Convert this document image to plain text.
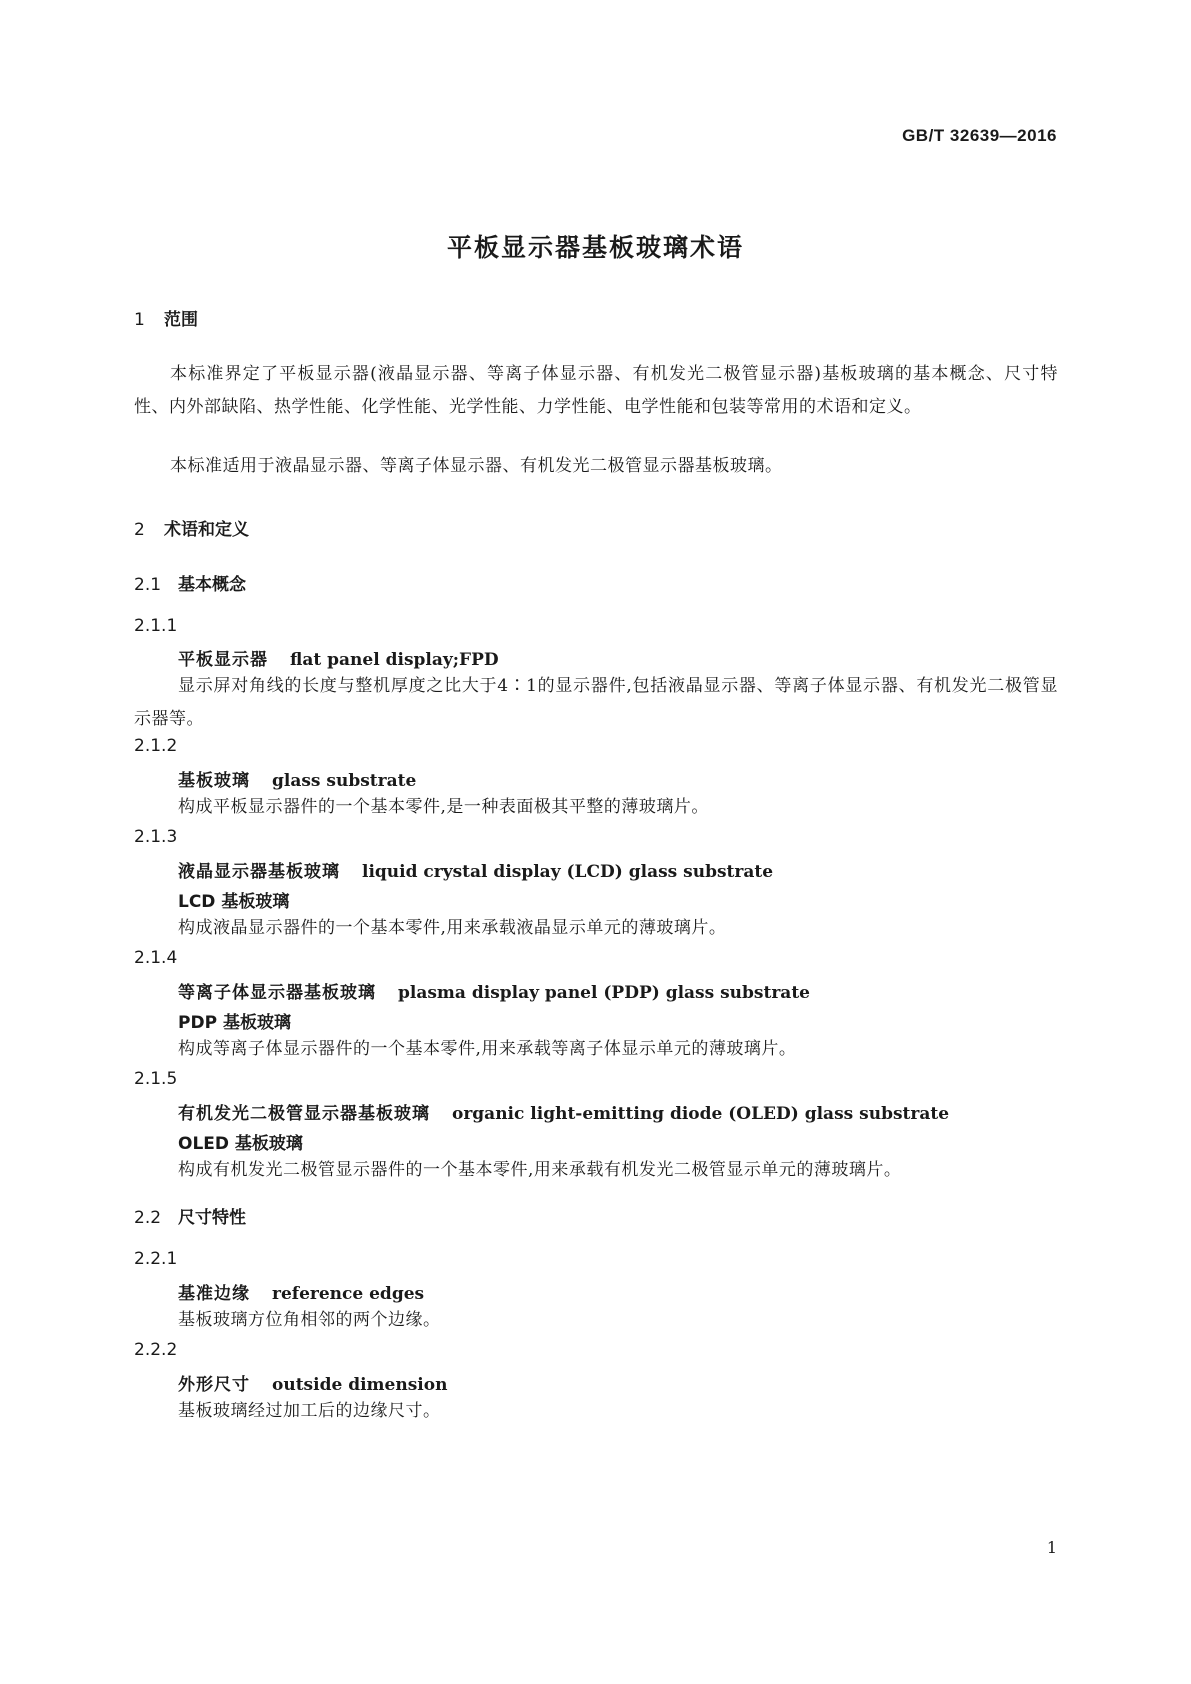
GB/T 32639—2016
平板显示器基板玻璃术语
1 范围
本标准界定了平板显示器(液晶显示器、等离子体显示器、有机发光二极管显示器)基板玻璃的基本概念、尺寸特性、内外部缺陷、热学性能、化学性能、光学性能、力学性能、电学性能和包装等常用的术语和定义。
本标准适用于液晶显示器、等离子体显示器、有机发光二极管显示器基板玻璃。
2 术语和定义
2.1 基本概念
2.1.1
平板显示器 flat panel display;FPD
显示屏对角线的长度与整机厚度之比大于4∶1的显示器件,包括液晶显示器、等离子体显示器、有机发光二极管显示器等。
2.1.2
基板玻璃 glass substrate
构成平板显示器件的一个基本零件,是一种表面极其平整的薄玻璃片。
2.1.3
液晶显示器基板玻璃 liquid crystal display (LCD) glass substrate
LCD 基板玻璃
构成液晶显示器件的一个基本零件,用来承载液晶显示单元的薄玻璃片。
2.1.4
等离子体显示器基板玻璃 plasma display panel (PDP) glass substrate
PDP 基板玻璃
构成等离子体显示器件的一个基本零件,用来承载等离子体显示单元的薄玻璃片。
2.1.5
有机发光二极管显示器基板玻璃 organic light-emitting diode (OLED) glass substrate
OLED 基板玻璃
构成有机发光二极管显示器件的一个基本零件,用来承载有机发光二极管显示单元的薄玻璃片。
2.2 尺寸特性
2.2.1
基准边缘 reference edges
基板玻璃方位角相邻的两个边缘。
2.2.2
外形尺寸 outside dimension
基板玻璃经过加工后的边缘尺寸。
1
